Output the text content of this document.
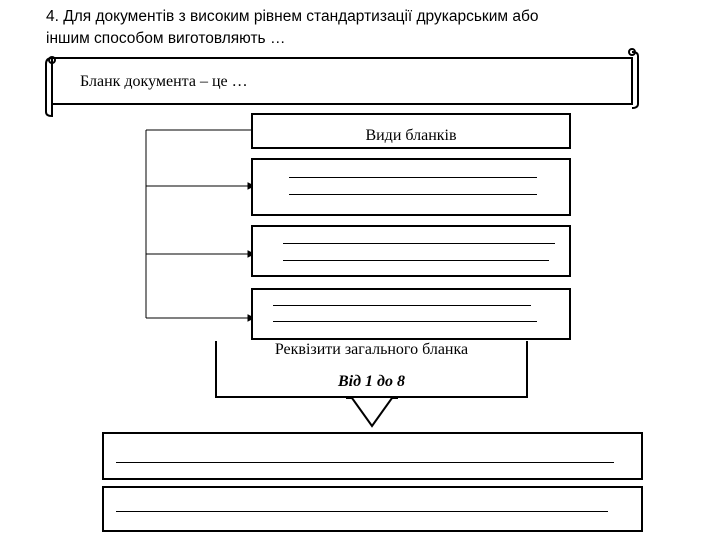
4. Для документів з високим рівнем стандартизації друкарським або
іншим способом виготовляють …
Бланк документа – це …
Види бланків
Реквізити загального бланка
Від 1 до 8
